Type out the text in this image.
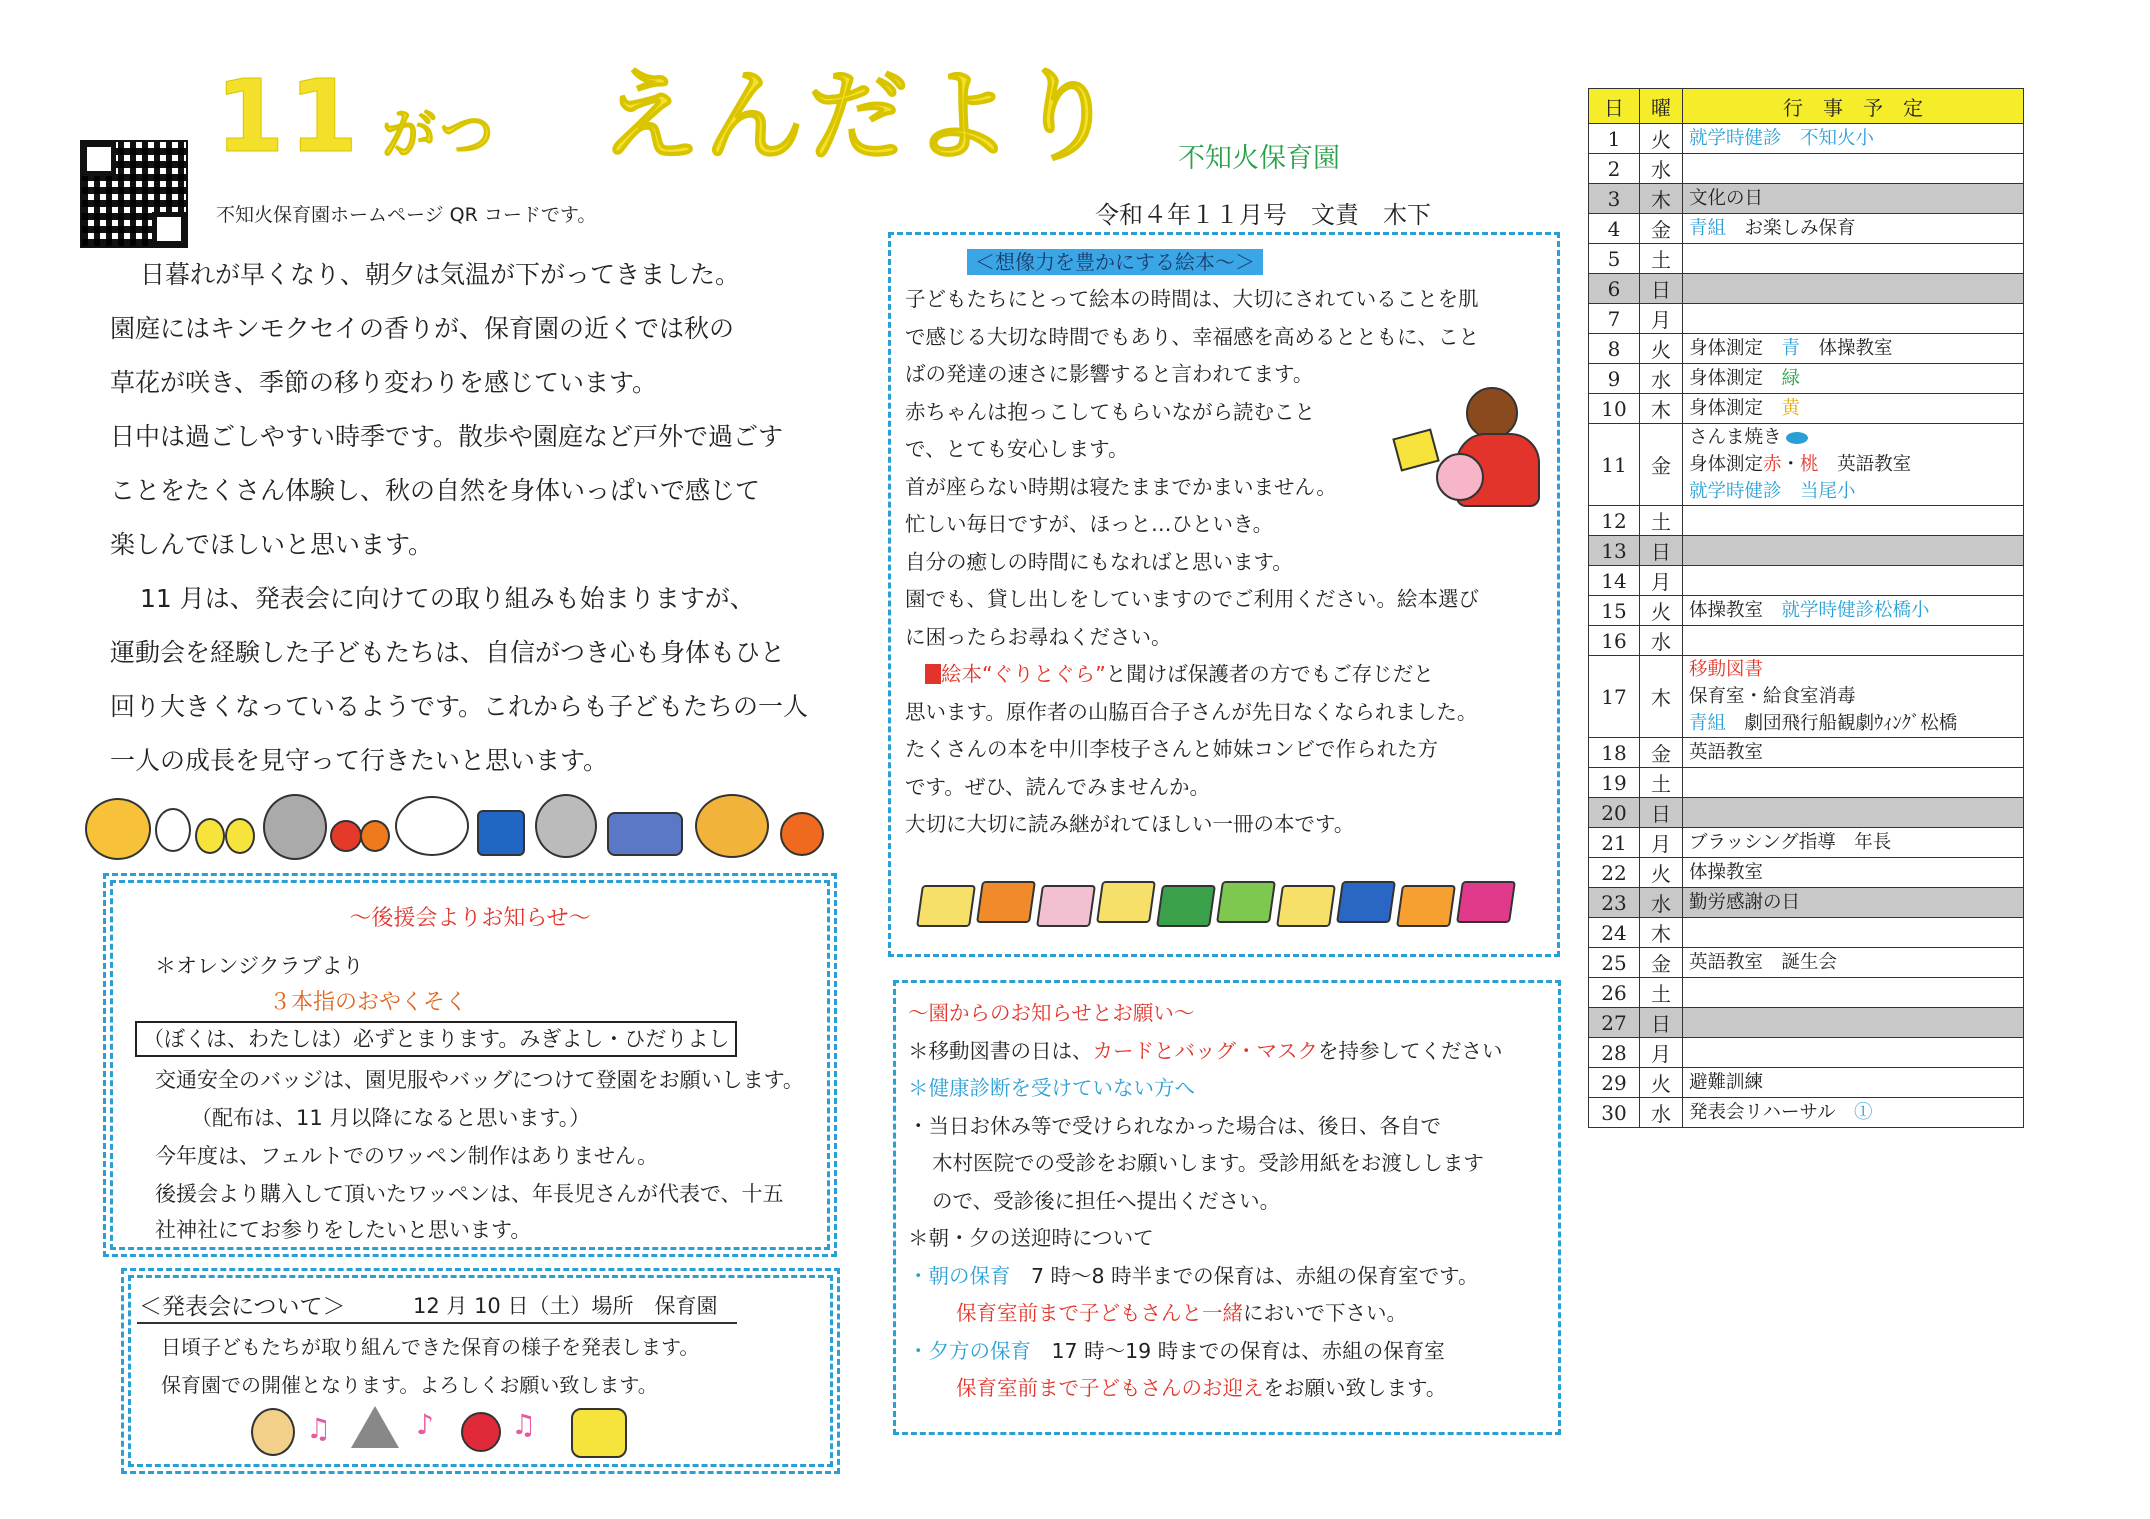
11 がつ えんだより 不知火保育園
不知火保育園ホームページ QR コードです。	令和４年１１月号　文責　木下
日暮れが早くなり、朝夕は気温が下がってきました。
園庭にはキンモクセイの香りが、保育園の近くでは秋の
草花が咲き、季節の移り変わりを感じています。
日中は過ごしやすい時季です。散歩や園庭など戸外で過ごす
ことをたくさん体験し、秋の自然を身体いっぱいで感じて
楽しんでほしいと思います。
11 月は、発表会に向けての取り組みも始まりますが、
運動会を経験した子どもたちは、自信がつき心も身体もひと
回り大きくなっているようです。これからも子どもたちの一人
一人の成長を見守って行きたいと思います。
～後援会よりお知らせ～
＊オレンジクラブより
３本指のおやくそく
（ぼくは、わたしは）必ずとまります。みぎよし・ひだりよし
交通安全のバッジは、園児服やバッグにつけて登園をお願いします。
（配布は、11 月以降になると思います。）
今年度は、フェルトでのワッペン制作はありません。
後援会より購入して頂いたワッペンは、年長児さんが代表で、十五
社神社にてお参りをしたいと思います。
＜発表会について＞	12 月 10 日（土）場所　保育園
日頃子どもたちが取り組んできた保育の様子を発表します。
保育園での開催となります。よろしくお願い致します。
♫	♪	♫
＜想像力を豊かにする絵本～＞
子どもたちにとって絵本の時間は、大切にされていることを肌
で感じる大切な時間でもあり、幸福感を高めるとともに、こと
ばの発達の速さに影響すると言われてます。
赤ちゃんは抱っこしてもらいながら読むこと
で、とても安心します。
首が座らない時期は寝たままでかまいません。
忙しい毎日ですが、ほっと…ひといき。
自分の癒しの時間にもなればと思います。
園でも、貸し出しをしていますのでご利用ください。絵本選び
に困ったらお尋ねください。
絵本“ぐりとぐら”と聞けば保護者の方でもご存じだと
思います。原作者の山脇百合子さんが先日なくなられました。
たくさんの本を中川李枝子さんと姉妹コンビで作られた方
です。ぜひ、読んでみませんか。
大切に大切に読み継がれてほしい一冊の本です。
～園からのお知らせとお願い～
＊移動図書の日は、カードとバッグ・マスクを持参してください
＊健康診断を受けていない方へ
・当日お休み等で受けられなかった場合は、後日、各自で
木村医院での受診をお願いします。受診用紙をお渡しします
ので、受診後に担任へ提出ください。
＊朝・夕の送迎時について
・朝の保育　 7 時～8 時半までの保育は、赤組の保育室です。
保育室前まで子どもさんと一緒においで下さい。
・夕方の保育　 17 時～19 時までの保育は、赤組の保育室
保育室前まで子どもさんのお迎えをお願い致します。
日	曜	行　事　予　定
1	火	就学時健診　不知火小

2	水	
3	木	文化の日

4	金	青組　お楽しみ保育

5	土	
6	日	
7	月	
8	火	身体測定　青　体操教室

9	水	身体測定　緑

10	木	身体測定　黄

11	金	さんま焼き
身体測定赤・桃　英語教室
就学時健診　当尾小

12	土	
13	日	
14	月	
15	火	体操教室　就学時健診松橋小

16	水	
17	木	移動図書
保育室・給食室消毒
青組　劇団飛行船観劇ｳｨﾝｸﾞ松橋

18	金	英語教室

19	土	
20	日	
21	月	ブラッシング指導　年長

22	火	体操教室

23	水	勤労感謝の日

24	木	
25	金	英語教室　誕生会

26	土	
27	日	
28	月	
29	火	避難訓練

30	水	発表会リハーサル　①
